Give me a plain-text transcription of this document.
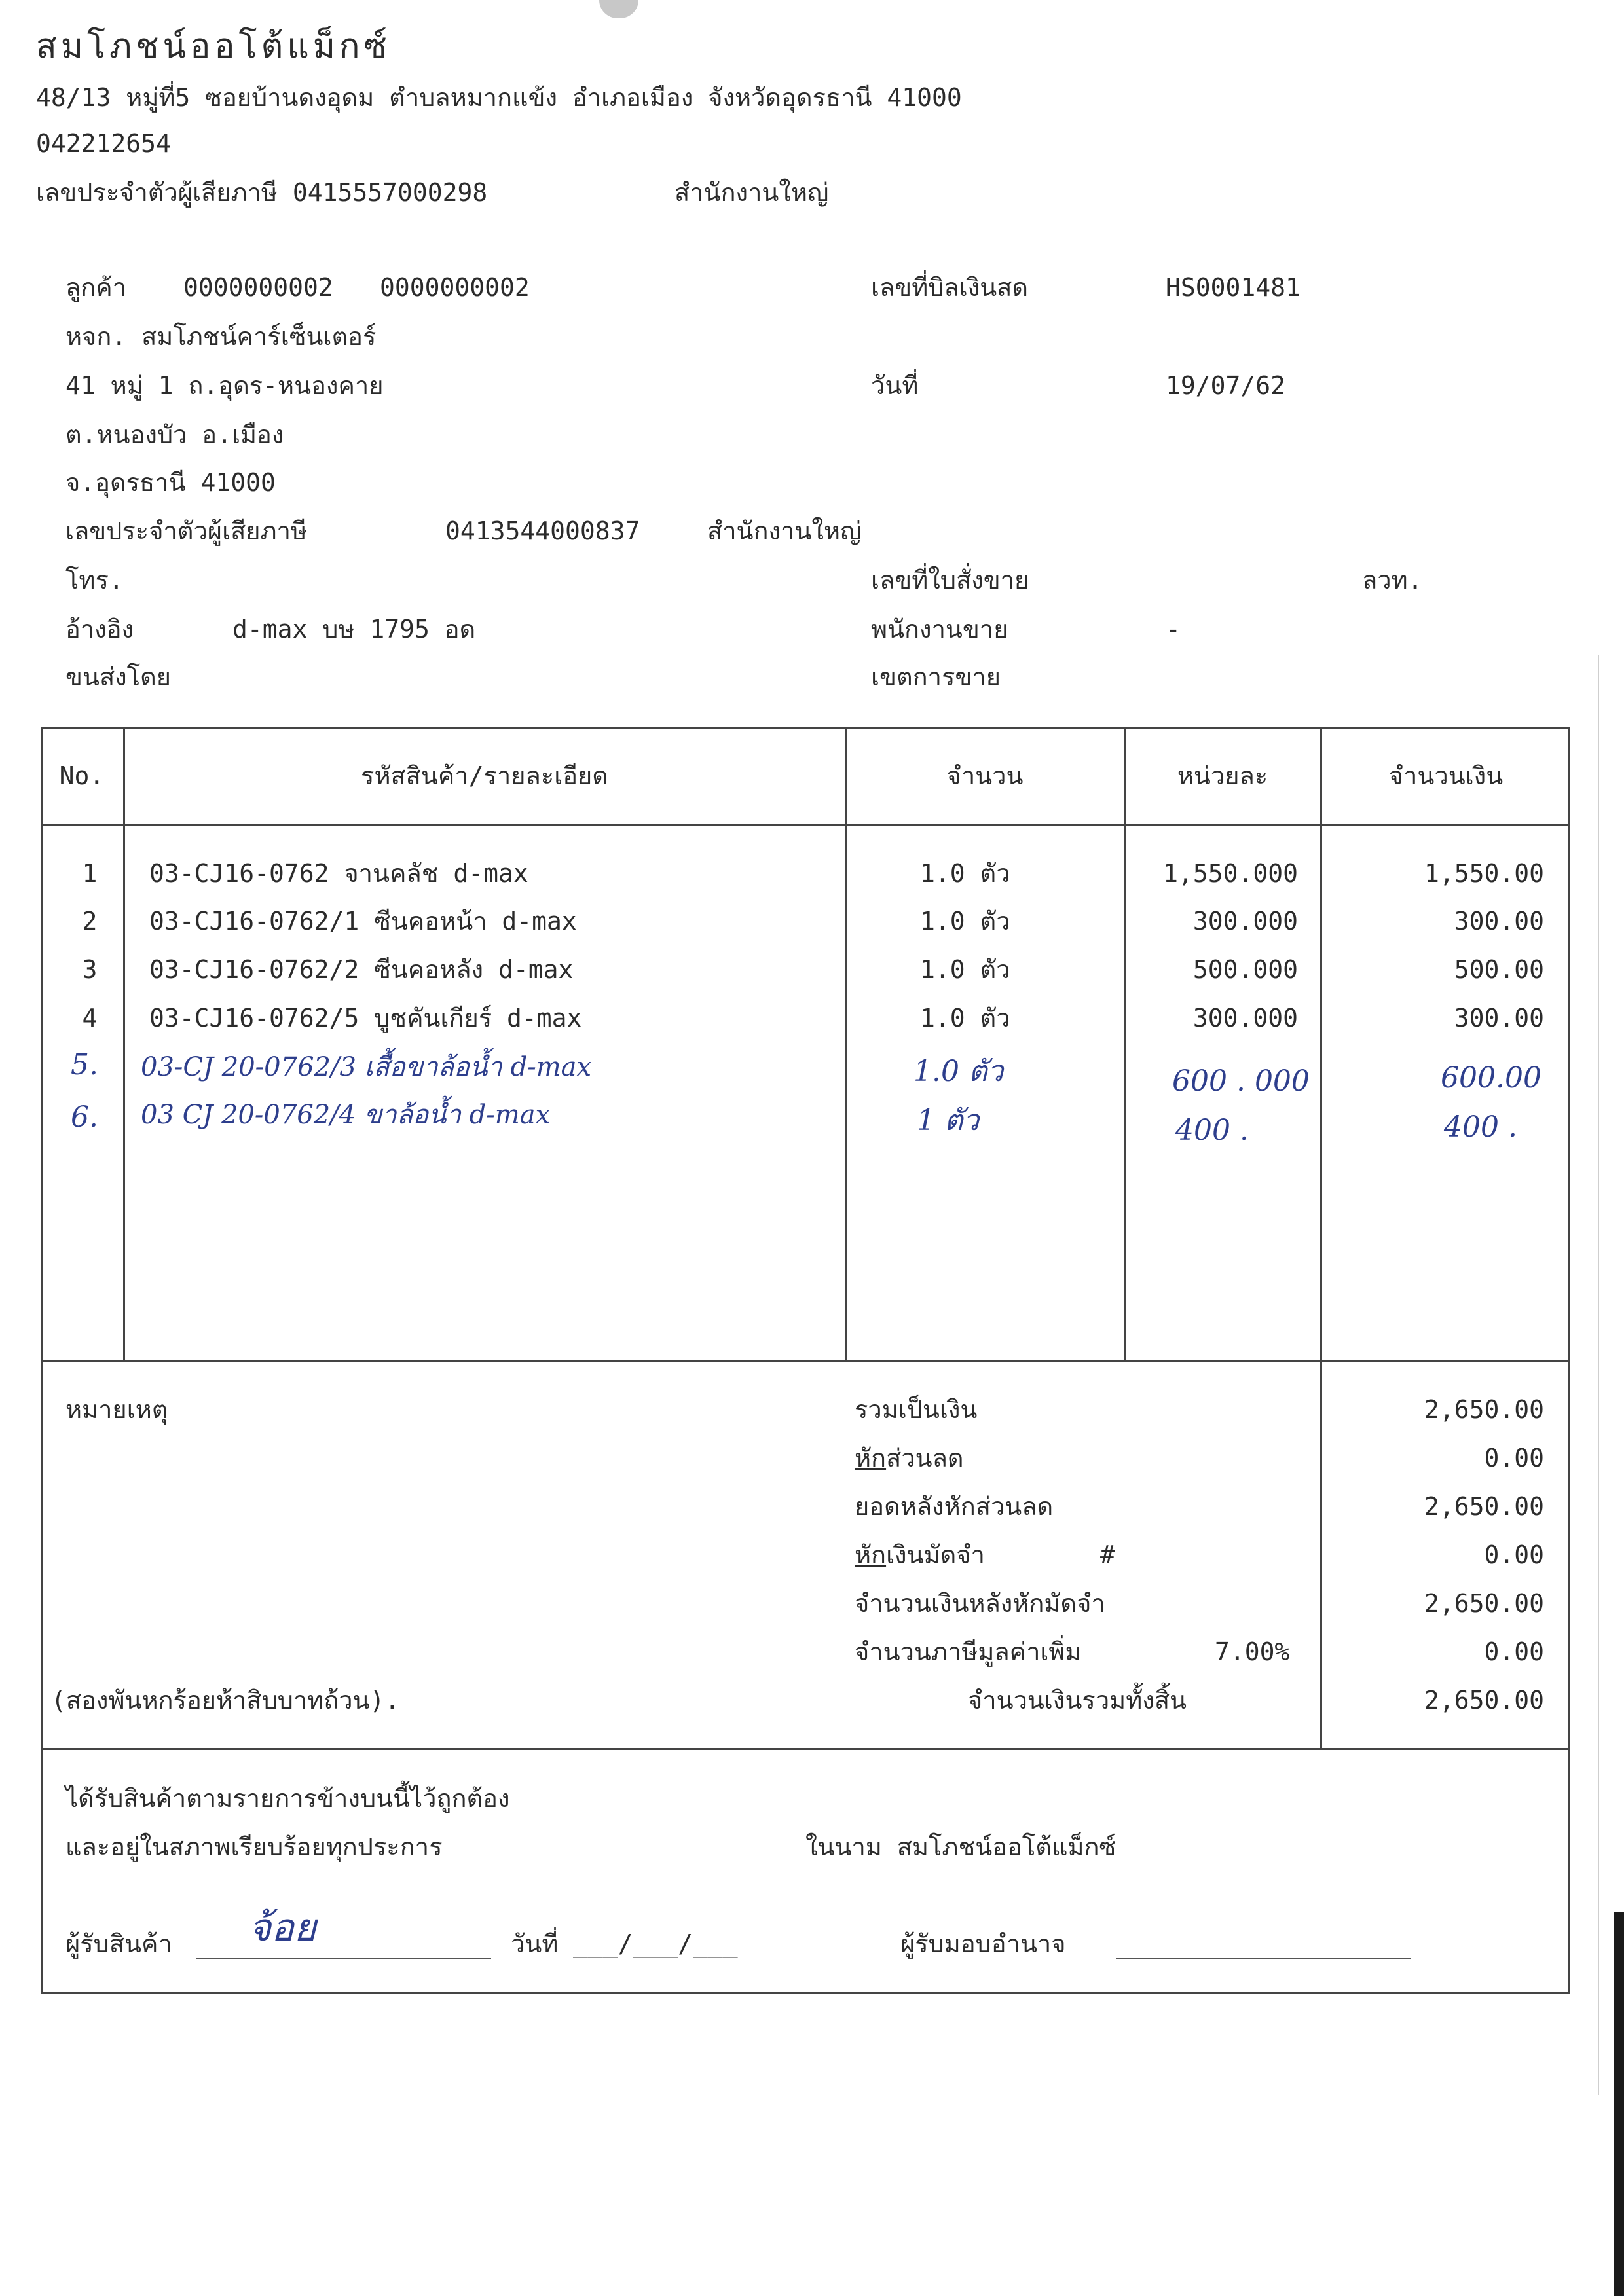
สมโภชน์ออโต้แม็กซ์
48/13 หมู่ที่5 ซอยบ้านดงอุดม ตำบลหมากแข้ง อำเภอเมือง จังหวัดอุดรธานี 41000
042212654
เลขประจำตัวผู้เสียภาษี 0415557000298	สำนักงานใหญ่
ลูกค้า 0000000002 0000000002
หจก. สมโภชน์คาร์เซ็นเตอร์
41 หมู่ 1 ถ.อุดร-หนองคาย
ต.หนองบัว อ.เมือง
จ.อุดรธานี 41000
เลขประจำตัวผู้เสียภาษี	0413544000837	สำนักงานใหญ่
โทร.
อ้างอิง	d-max บษ 1795 อด
ขนส่งโดย
เลขที่บิลเงินสด	HS0001481
วันที่	19/07/62
เลขที่ใบสั่งขาย	ลวท.
พนักงานขาย	-
เขตการขาย
No.	รหัสสินค้า/รายละเอียด	จำนวน	หน่วยละ	จำนวนเงิน
1	03-CJ16-0762 จานคลัช d-max	1.0 ตัว	1,550.000	1,550.00
2	03-CJ16-0762/1 ซีนคอหน้า d-max	1.0 ตัว	300.000	300.00
3	03-CJ16-0762/2 ซีนคอหลัง d-max	1.0 ตัว	500.000	500.00
4	03-CJ16-0762/5 บูชคันเกียร์ d-max	1.0 ตัว	300.000	300.00
5. 03-CJ 20-0762/3 เสื้อขาล้อน้ำ d-max	1.0 ตัว	600 . 000	600.00
6. 03 CJ 20-0762/4 ขาล้อน้ำ d-max	1 ตัว	400 .	400 .
หมายเหตุ
(สองพันหกร้อยห้าสิบบาทถ้วน).
รวมเป็นเงิน	2,650.00
หักส่วนลด	0.00
ยอดหลังหักส่วนลด	2,650.00
หักเงินมัดจำ	#	0.00
จำนวนเงินหลังหักมัดจำ	2,650.00
จำนวนภาษีมูลค่าเพิ่ม	7.00%	0.00
จำนวนเงินรวมทั้งสิ้น	2,650.00
ได้รับสินค้าตามรายการข้างบนนี้ไว้ถูกต้อง
และอยู่ในสภาพเรียบร้อยทุกประการ	ในนาม สมโภชน์ออโต้แม็กซ์
ผู้รับสินค้า จ้อย	วันที่ ___/___/___	ผู้รับมอบอำนาจ
